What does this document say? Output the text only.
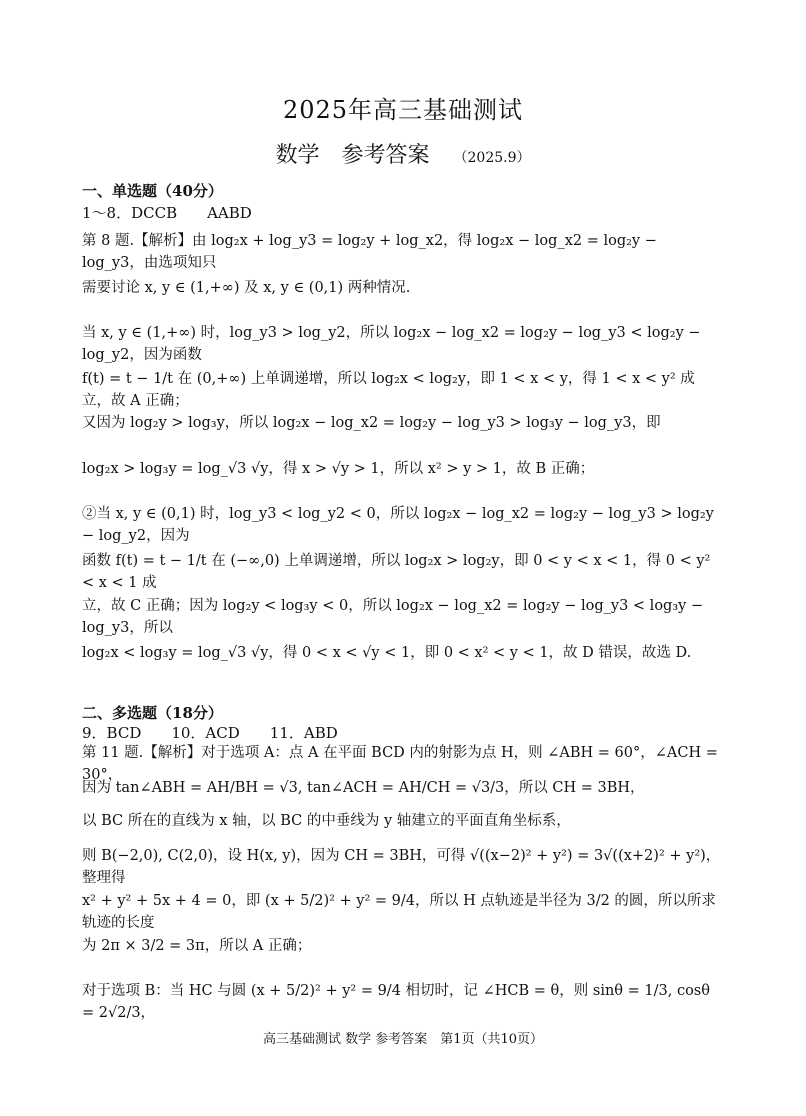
2025年高三基础测试
数学　参考答案 （2025.9）
一、单选题（40分）
1～8．DCCB　　AABD
第 8 题.【解析】由 log₂x + log_y3 = log₂y + log_x2，得 log₂x − log_x2 = log₂y − log_y3，由选项知只
需要讨论 x, y ∈ (1,+∞) 及 x, y ∈ (0,1) 两种情况.
当 x, y ∈ (1,+∞) 时，log_y3 > log_y2，所以 log₂x − log_x2 = log₂y − log_y3 < log₂y − log_y2，因为函数
f(t) = t − 1/t 在 (0,+∞) 上单调递增，所以 log₂x < log₂y，即 1 < x < y，得 1 < x < y² 成立，故 A 正确；
又因为 log₂y > log₃y，所以 log₂x − log_x2 = log₂y − log_y3 > log₃y − log_y3，即
log₂x > log₃y = log_√3 √y，得 x > √y > 1，所以 x² > y > 1，故 B 正确；
②当 x, y ∈ (0,1) 时，log_y3 < log_y2 < 0，所以 log₂x − log_x2 = log₂y − log_y3 > log₂y − log_y2，因为
函数 f(t) = t − 1/t 在 (−∞,0) 上单调递增，所以 log₂x > log₂y，即 0 < y < x < 1，得 0 < y² < x < 1 成
立，故 C 正确；因为 log₂y < log₃y < 0，所以 log₂x − log_x2 = log₂y − log_y3 < log₃y − log_y3，所以
log₂x < log₃y = log_√3 √y，得 0 < x < √y < 1，即 0 < x² < y < 1，故 D 错误，故选 D.
二、多选题（18分）
9．BCD　　10．ACD　　11．ABD
第 11 题.【解析】对于选项 A：点 A 在平面 BCD 内的射影为点 H，则 ∠ABH = 60°，∠ACH = 30°，
因为 tan∠ABH = AH/BH = √3, tan∠ACH = AH/CH = √3/3，所以 CH = 3BH，
以 BC 所在的直线为 x 轴，以 BC 的中垂线为 y 轴建立的平面直角坐标系，
则 B(−2,0), C(2,0)，设 H(x, y)，因为 CH = 3BH，可得 √((x−2)² + y²) = 3√((x+2)² + y²)，整理得
x² + y² + 5x + 4 = 0，即 (x + 5/2)² + y² = 9/4，所以 H 点轨迹是半径为 3/2 的圆，所以所求轨迹的长度
为 2π × 3/2 = 3π，所以 A 正确；
对于选项 B：当 HC 与圆 (x + 5/2)² + y² = 9/4 相切时，记 ∠HCB = θ，则 sinθ = 1/3, cosθ = 2√2/3，
高三基础测试 数学 参考答案　第1页（共10页）
